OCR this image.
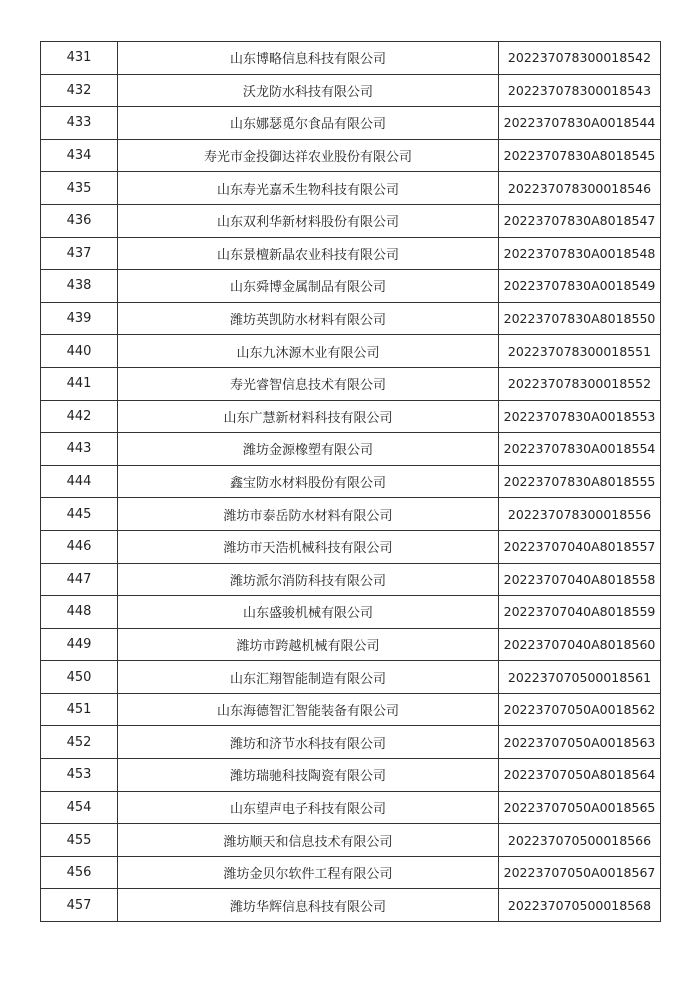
431	山东博略信息科技有限公司	2022370783000185​42
432	沃龙防水科技有限公司	202237078300018543
433	山东娜瑟觅尔食品有限公司	20223707830A0018544
434	寿光市金投御达祥农业股份有限公司	20223707830A8018545
435	山东寿光嘉禾生物科技有限公司	202237078300018546
436	山东双利华新材料股份有限公司	20223707830A8018547
437	山东景檀新晶农业科技有限公司	20223707830A0018548
438	山东舜博金属制品有限公司	20223707830A0018549
439	潍坊英凯防水材料有限公司	20223707830A8018550
440	山东九沐源木业有限公司	202237078300018551
441	寿光睿智信息技术有限公司	202237078300018552
442	山东广慧新材料科技有限公司	20223707830A0018553
443	潍坊金源橡塑有限公司	20223707830A0018554
444	鑫宝防水材料股份有限公司	20223707830A8018555
445	潍坊市泰岳防水材料有限公司	202237078300018556
446	潍坊市天浩机械科技有限公司	20223707040A8018557
447	潍坊派尔消防科技有限公司	20223707040A8018558
448	山东盛骏机械有限公司	20223707040A8018559
449	潍坊市跨越机械有限公司	20223707040A8018560
450	山东汇翔智能制造有限公司	202237070500018561
451	山东海德智汇智能装备有限公司	20223707050A0018562
452	潍坊和济节水科技有限公司	20223707050A0018563
453	潍坊瑞驰科技陶瓷有限公司	20223707050A8018564
454	山东望声电子科技有限公司	20223707050A0018565
455	潍坊顺天和信息技术有限公司	202237070500018566
456	潍坊金贝尔软件工程有限公司	20223707050A0018567
457	潍坊华辉信息科技有限公司	202237070500018568
